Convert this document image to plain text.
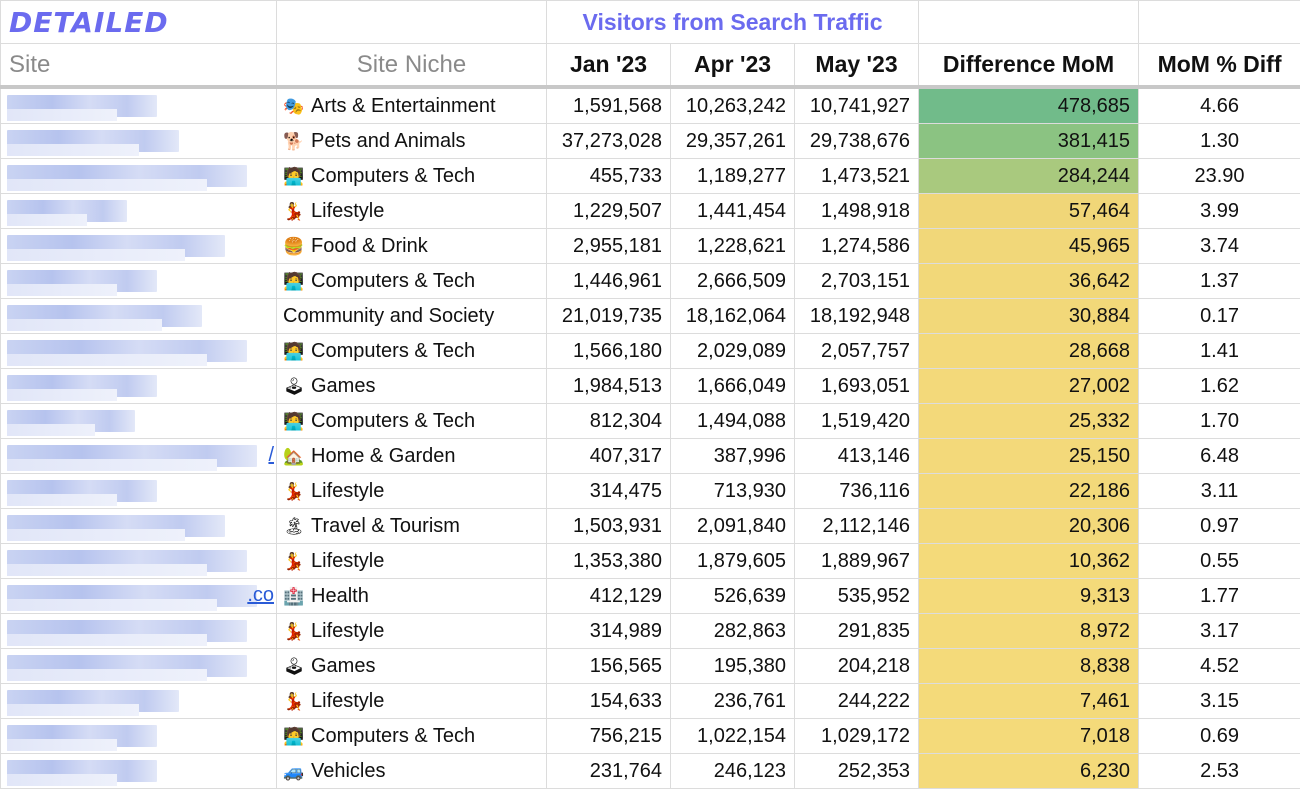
DETAILED		Visitors from Search Traffic				
Site	Site Niche	Jan '23	Apr '23	May '23	Difference MoM	MoM % Diff

	🎭 Arts & Entertainment	1,591,568	10,263,242	10,741,927	478,685	4.66

	🐕 Pets and Animals	37,273,028	29,357,261	29,738,676	381,415	1.30

	🧑‍💻 Computers & Tech	455,733	1,189,277	1,473,521	284,244	23.90

	💃 Lifestyle	1,229,507	1,441,454	1,498,918	57,464	3.99

	🍔 Food & Drink	2,955,181	1,228,621	1,274,586	45,965	3.74

	🧑‍💻 Computers & Tech	1,446,961	2,666,509	2,703,151	36,642	1.37

	Community and Society	21,019,735	18,162,064	18,192,948	30,884	0.17

	🧑‍💻 Computers & Tech	1,566,180	2,029,089	2,057,757	28,668	1.41

	🕹 Games	1,984,513	1,666,049	1,693,051	27,002	1.62

	🧑‍💻 Computers & Tech	812,304	1,494,088	1,519,420	25,332	1.70

/	🏡 Home & Garden	407,317	387,996	413,146	25,150	6.48

	💃 Lifestyle	314,475	713,930	736,116	22,186	3.11

	🏝 Travel & Tourism	1,503,931	2,091,840	2,112,146	20,306	0.97

	💃 Lifestyle	1,353,380	1,879,605	1,889,967	10,362	0.55

.co	🏥 Health	412,129	526,639	535,952	9,313	1.77

	💃 Lifestyle	314,989	282,863	291,835	8,972	3.17

	🕹 Games	156,565	195,380	204,218	8,838	4.52

	💃 Lifestyle	154,633	236,761	244,222	7,461	3.15

	🧑‍💻 Computers & Tech	756,215	1,022,154	1,029,172	7,018	0.69

	🚙 Vehicles	231,764	246,123	252,353	6,230	2.53
